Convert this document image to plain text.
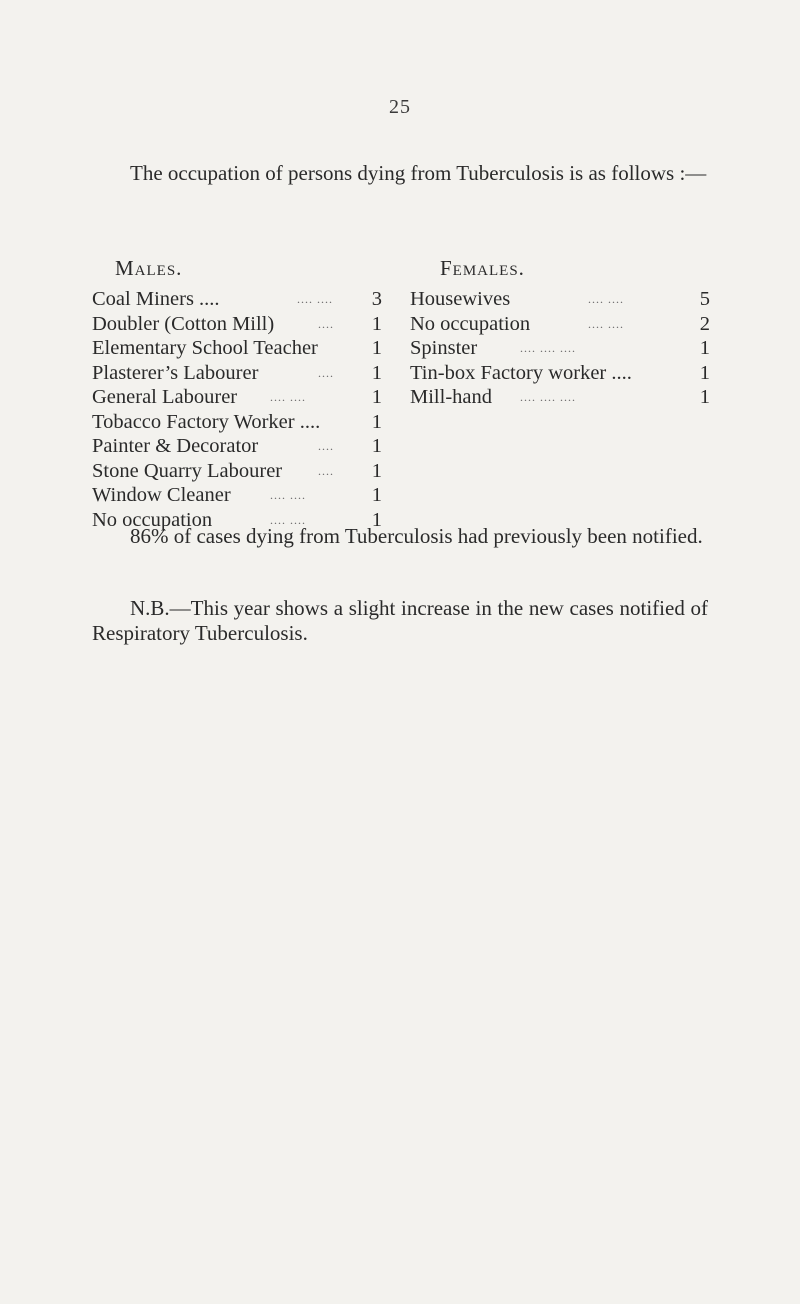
25

The occupation of persons dying from Tuberculosis is as follows :—

Males.	Females.
Coal Miners ....	.... ....	3
Doubler (Cotton Mill)	....	1
Elementary School Teacher	1
Plasterer’s Labourer	....	1
General Labourer	.... ....	1
Tobacco Factory Worker ....	1
Painter & Decorator	....	1
Stone Quarry Labourer	....	1
Window Cleaner	.... ....	1
No occupation	.... ....	1
Housewives	.... ....	5
No occupation	.... ....	2
Spinster	.... .... ....	1
Tin-box Factory worker ....	1
Mill-hand .... .... ....	1

86% of cases dying from Tuberculosis had previously been notified.

N.B.—This year shows a slight increase in the new cases notified of Respiratory Tuberculosis.
